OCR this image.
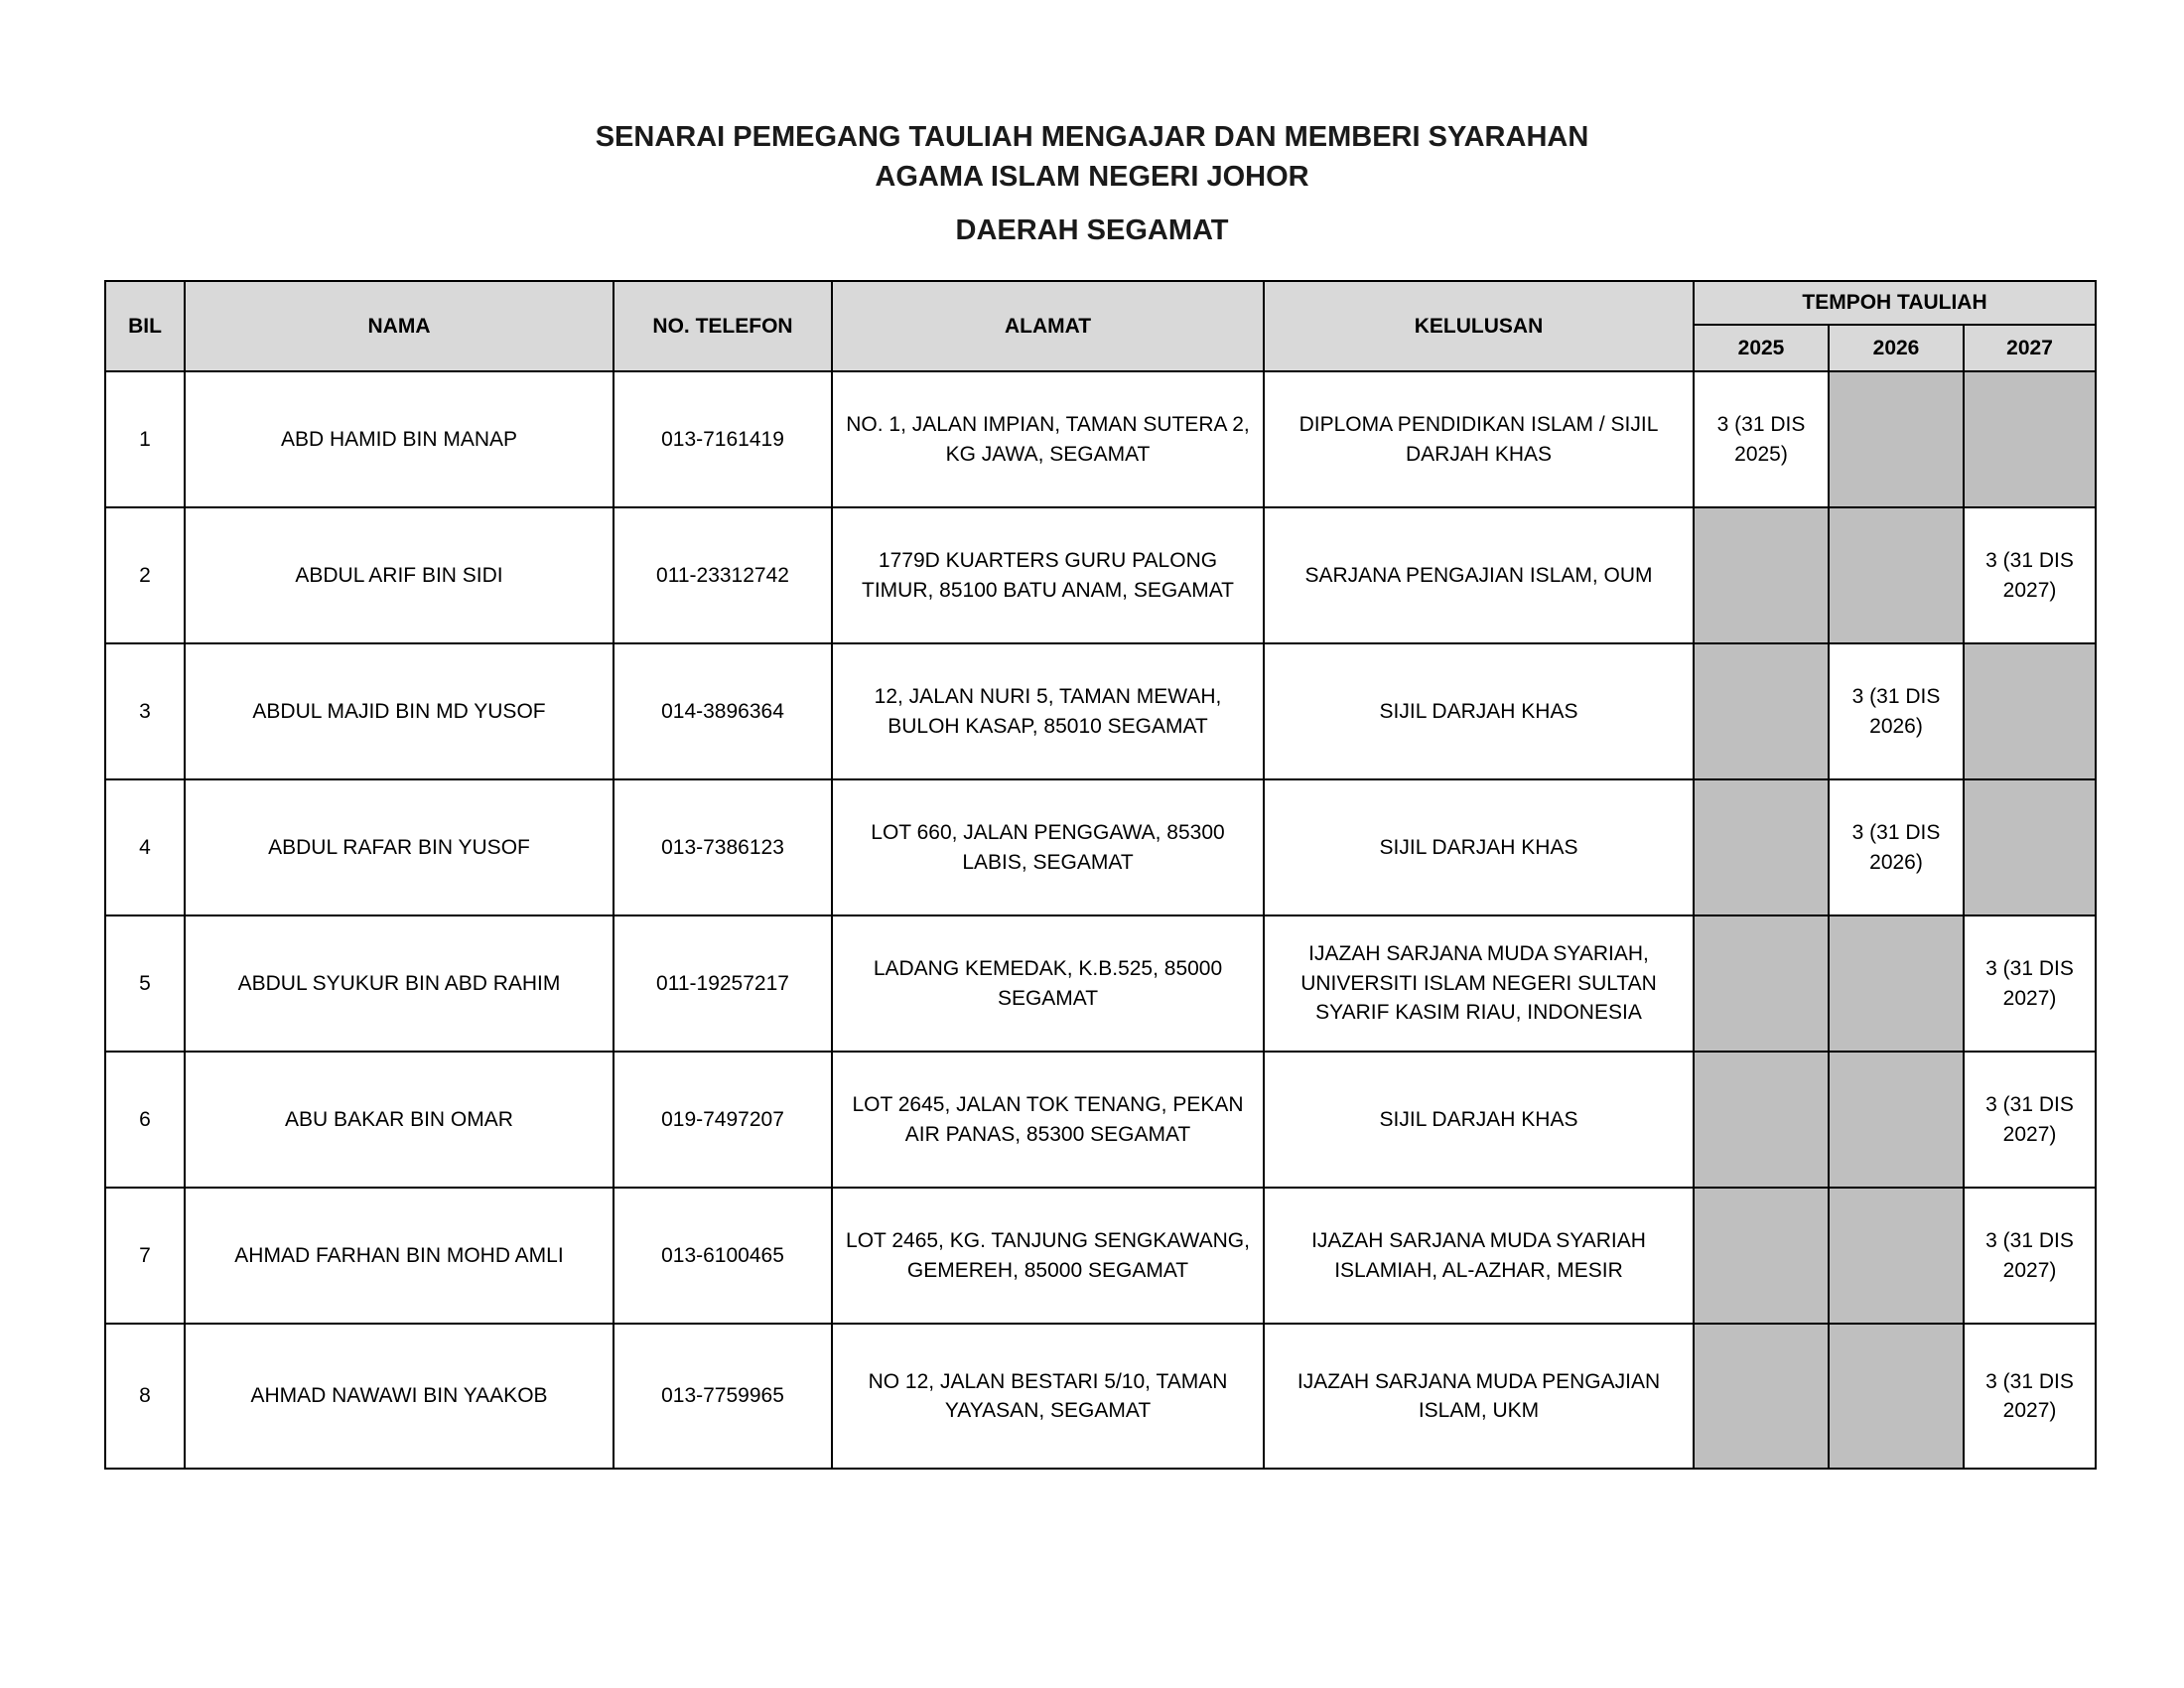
SENARAI PEMEGANG TAULIAH MENGAJAR DAN MEMBERI SYARAHAN
AGAMA ISLAM NEGERI JOHOR
DAERAH SEGAMAT
BIL	NAMA	NO. TELEFON	ALAMAT	KELULUSAN	TEMPOH TAULIAH		
					2025	2026	2027
1	ABD HAMID BIN MANAP	013-7161419	NO. 1, JALAN IMPIAN, TAMAN SUTERA 2, KG JAWA, SEGAMAT	DIPLOMA PENDIDIKAN ISLAM / SIJIL DARJAH KHAS	3 (31 DIS 2025)		
2	ABDUL ARIF BIN SIDI	011-23312742	1779D KUARTERS GURU PALONG TIMUR, 85100 BATU ANAM, SEGAMAT	SARJANA PENGAJIAN ISLAM, OUM			3 (31 DIS 2027)
3	ABDUL MAJID BIN MD YUSOF	014-3896364	12, JALAN NURI 5, TAMAN MEWAH, BULOH KASAP, 85010 SEGAMAT	SIJIL DARJAH KHAS		3 (31 DIS 2026)	
4	ABDUL RAFAR BIN YUSOF	013-7386123	LOT 660, JALAN PENGGAWA, 85300 LABIS, SEGAMAT	SIJIL DARJAH KHAS		3 (31 DIS 2026)	
5	ABDUL SYUKUR BIN ABD RAHIM	011-19257217	LADANG KEMEDAK, K.B.525, 85000 SEGAMAT	IJAZAH SARJANA MUDA SYARIAH, UNIVERSITI ISLAM NEGERI SULTAN SYARIF KASIM RIAU, INDONESIA			3 (31 DIS 2027)
6	ABU BAKAR BIN OMAR	019-7497207	LOT 2645, JALAN TOK TENANG, PEKAN AIR PANAS, 85300 SEGAMAT	SIJIL DARJAH KHAS			3 (31 DIS 2027)
7	AHMAD FARHAN BIN MOHD AMLI	013-6100465	LOT 2465, KG. TANJUNG SENGKAWANG, GEMEREH, 85000 SEGAMAT	IJAZAH SARJANA MUDA SYARIAH ISLAMIAH, AL-AZHAR, MESIR			3 (31 DIS 2027)
8	AHMAD NAWAWI BIN YAAKOB	013-7759965	NO 12, JALAN BESTARI 5/10, TAMAN YAYASAN, SEGAMAT	IJAZAH SARJANA MUDA PENGAJIAN ISLAM, UKM			3 (31 DIS 2027)
